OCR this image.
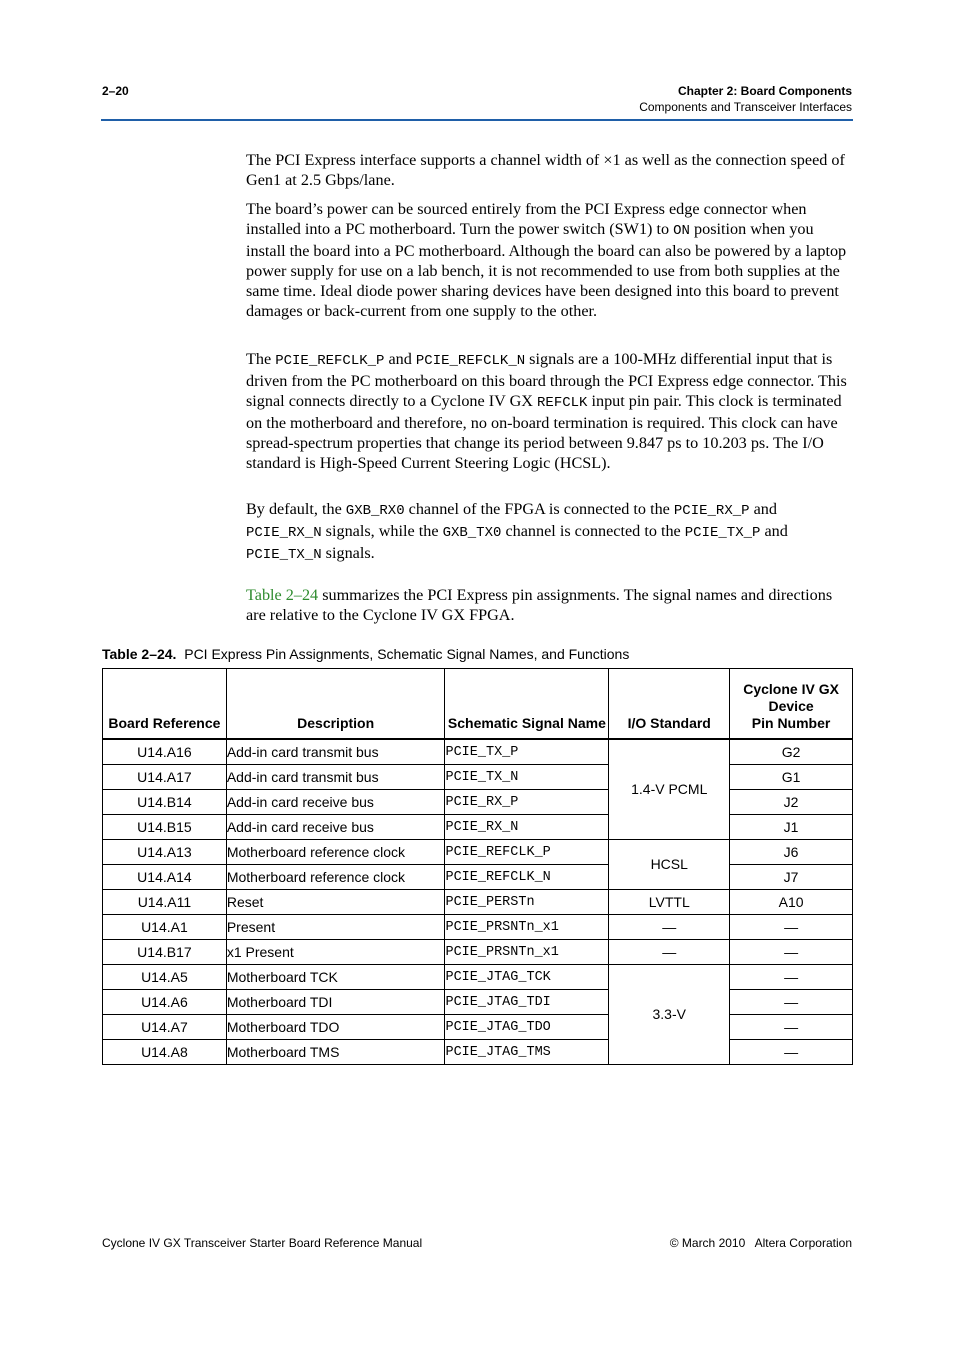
2–20	Chapter 2: Board Components
Components and Transceiver Interfaces

The PCI Express interface supports a channel width of ×1 as well as the connection speed of Gen1 at 2.5 Gbps/lane.

The board’s power can be sourced entirely from the PCI Express edge connector when installed into a PC motherboard. Turn the power switch (SW1) to ON position when you install the board into a PC motherboard. Although the board can also be powered by a laptop power supply for use on a lab bench, it is not recommended to use from both supplies at the same time. Ideal diode power sharing devices have been designed into this board to prevent damages or back-current from one supply to the other.

The PCIE_REFCLK_P and PCIE_REFCLK_N signals are a 100-MHz differential input that is driven from the PC motherboard on this board through the PCI Express edge connector. This signal connects directly to a Cyclone IV GX REFCLK input pin pair. This clock is terminated on the motherboard and therefore, no on-board termination is required. This clock can have spread-spectrum properties that change its period between 9.847 ps to 10.203 ps. The I/O standard is High-Speed Current Steering Logic (HCSL).

By default, the GXB_RX0 channel of the FPGA is connected to the PCIE_RX_P and PCIE_RX_N signals, while the GXB_TX0 channel is connected to the PCIE_TX_P and PCIE_TX_N signals.

Table 2–24 summarizes the PCI Express pin assignments. The signal names and directions are relative to the Cyclone IV GX FPGA.

Table 2–24. PCI Express Pin Assignments, Schematic Signal Names, and Functions
Board Reference	Description	Schematic Signal Name	I/O Standard	Cyclone IV GX
Device
Pin Number
U14.A16	Add-in card transmit bus	PCIE_TX_P	1.4-V PCML	G2
U14.A17	Add-in card transmit bus	PCIE_TX_N		G1
U14.B14	Add-in card receive bus	PCIE_RX_P		J2
U14.B15	Add-in card receive bus	PCIE_RX_N		J1
U14.A13	Motherboard reference clock	PCIE_REFCLK_P	HCSL	J6
U14.A14	Motherboard reference clock	PCIE_REFCLK_N		J7
U14.A11	Reset	PCIE_PERSTn	LVTTL	A10
U14.A1	Present	PCIE_PRSNTn_x1	—	—
U14.B17	x1 Present	PCIE_PRSNTn_x1	—	—
U14.A5	Motherboard TCK	PCIE_JTAG_TCK	3.3-V	—
U14.A6	Motherboard TDI	PCIE_JTAG_TDI		—
U14.A7	Motherboard TDO	PCIE_JTAG_TDO		—
U14.A8	Motherboard TMS	PCIE_JTAG_TMS		—
Cyclone IV GX Transceiver Starter Board Reference Manual	© March 2010   Altera Corporation
